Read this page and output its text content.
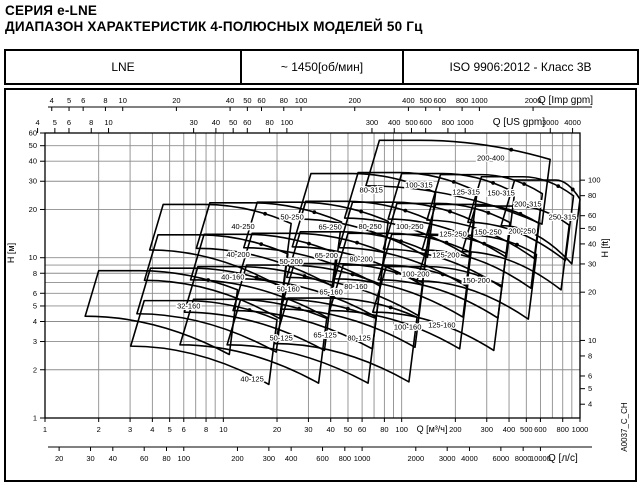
СЕРИЯ e-LNE
ДИАПАЗОН ХАРАКТЕРИСТИК 4-ПОЛЮСНЫХ МОДЕЛЕЙ 50 Гц
LNE	~ 1450[об/мин]	ISO 9906:2012 - Класс 3В
4 5 6 8 10	20	40 50 60 80 100	200	400 500 600 800 1000	2000
Q [Imp gpm]
4 5 6 8 10	30 40 50 60 80 100	300 400 500 600 800 1000	3000 4000
Q [US gpm]
1	2	3 4 5 6 8 10	20	30 40 50 60 80 100	200	300 400 500 600 800 1000
Q [м³/ч]
20	30 40	60 80 100	200	300 400	600 800 1000	2000 3000 4000 6000 8000
10000
Q [л/с]
1
2
3
4
5
6
8
10
20
30
40
50
60
H [м]
4
5
6
8
10
20
30
40
50
60
80
100
H [ft]
32-160
40-125
40-160
40-200
40-250
50-125
50-160
50-200
50-250
65-125
65-160
65-200
65-250
80-125
80-160
80-200
80-250
80-315
100-160
100-200
100-250
100-315
125-160
125-200
125-250
125-315
150-200
150-250
150-315
200-250
200-315
200-400
250-315
A0037_C_CH
